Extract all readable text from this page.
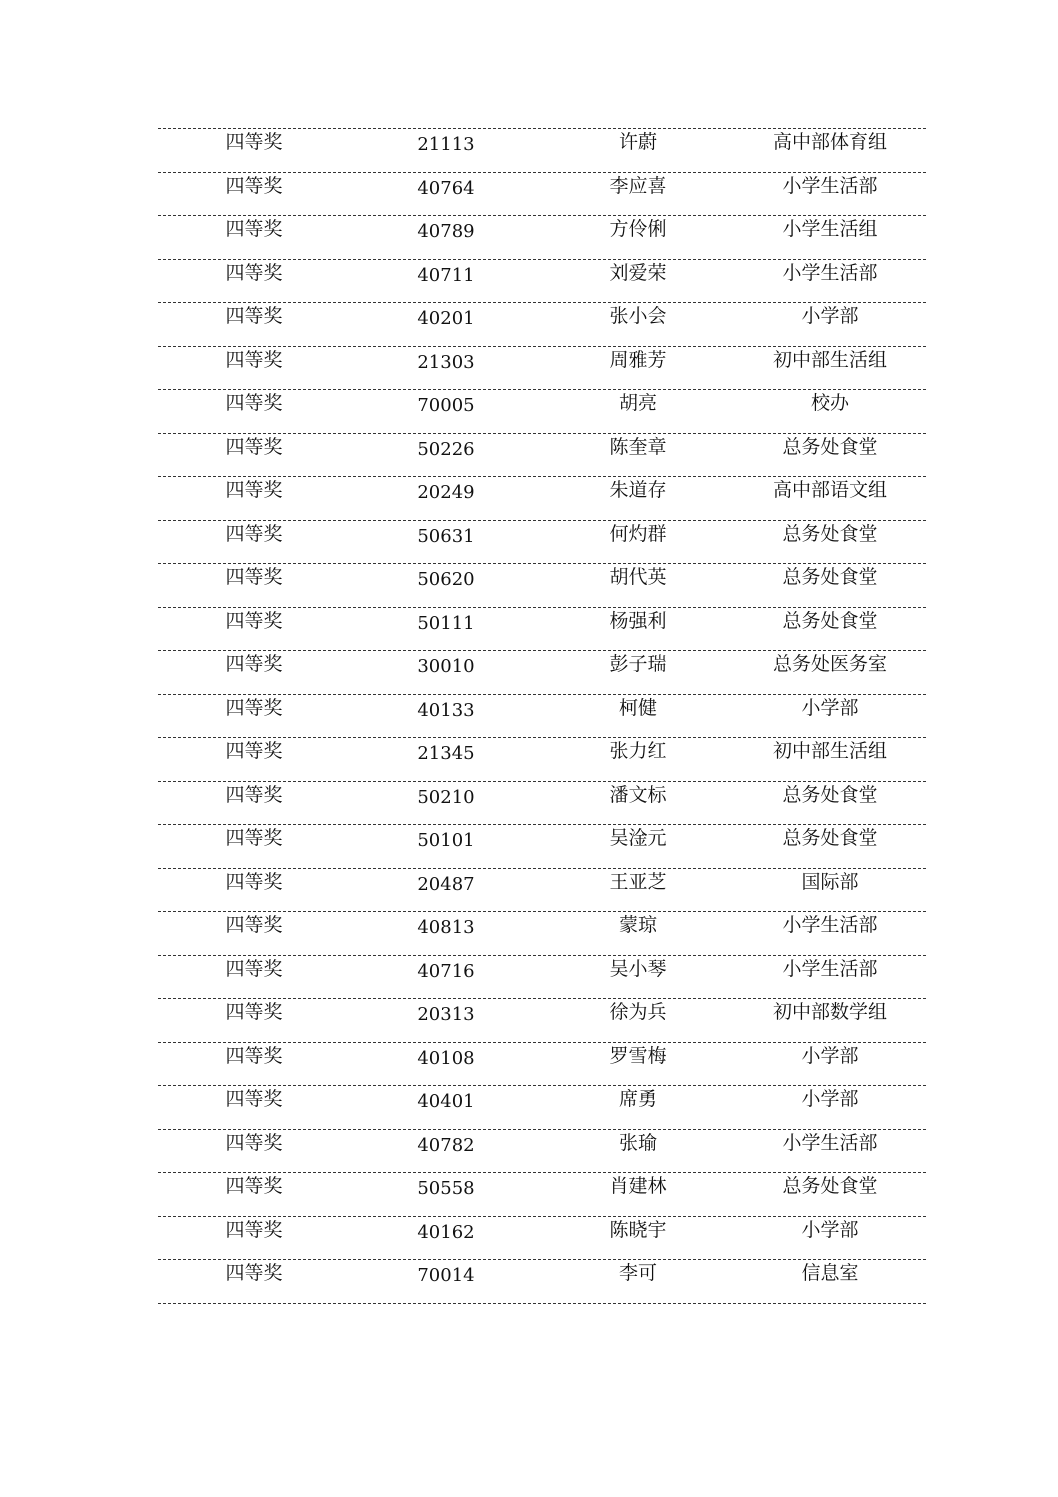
四等奖	21113	许蔚	高中部体育组
四等奖	40764	李应喜	小学生活部
四等奖	40789	方伶俐	小学生活组
四等奖	40711	刘爱荣	小学生活部
四等奖	40201	张小会	小学部
四等奖	21303	周雅芳	初中部生活组
四等奖	70005	胡亮	校办
四等奖	50226	陈奎章	总务处食堂
四等奖	20249	朱道存	高中部语文组
四等奖	50631	何灼群	总务处食堂
四等奖	50620	胡代英	总务处食堂
四等奖	50111	杨强利	总务处食堂
四等奖	30010	彭子瑞	总务处医务室
四等奖	40133	柯健	小学部
四等奖	21345	张力红	初中部生活组
四等奖	50210	潘文标	总务处食堂
四等奖	50101	吴淦元	总务处食堂
四等奖	20487	王亚芝	国际部
四等奖	40813	蒙琼	小学生活部
四等奖	40716	吴小琴	小学生活部
四等奖	20313	徐为兵	初中部数学组
四等奖	40108	罗雪梅	小学部
四等奖	40401	席勇	小学部
四等奖	40782	张瑜	小学生活部
四等奖	50558	肖建林	总务处食堂
四等奖	40162	陈晓宇	小学部
四等奖	70014	李可	信息室
